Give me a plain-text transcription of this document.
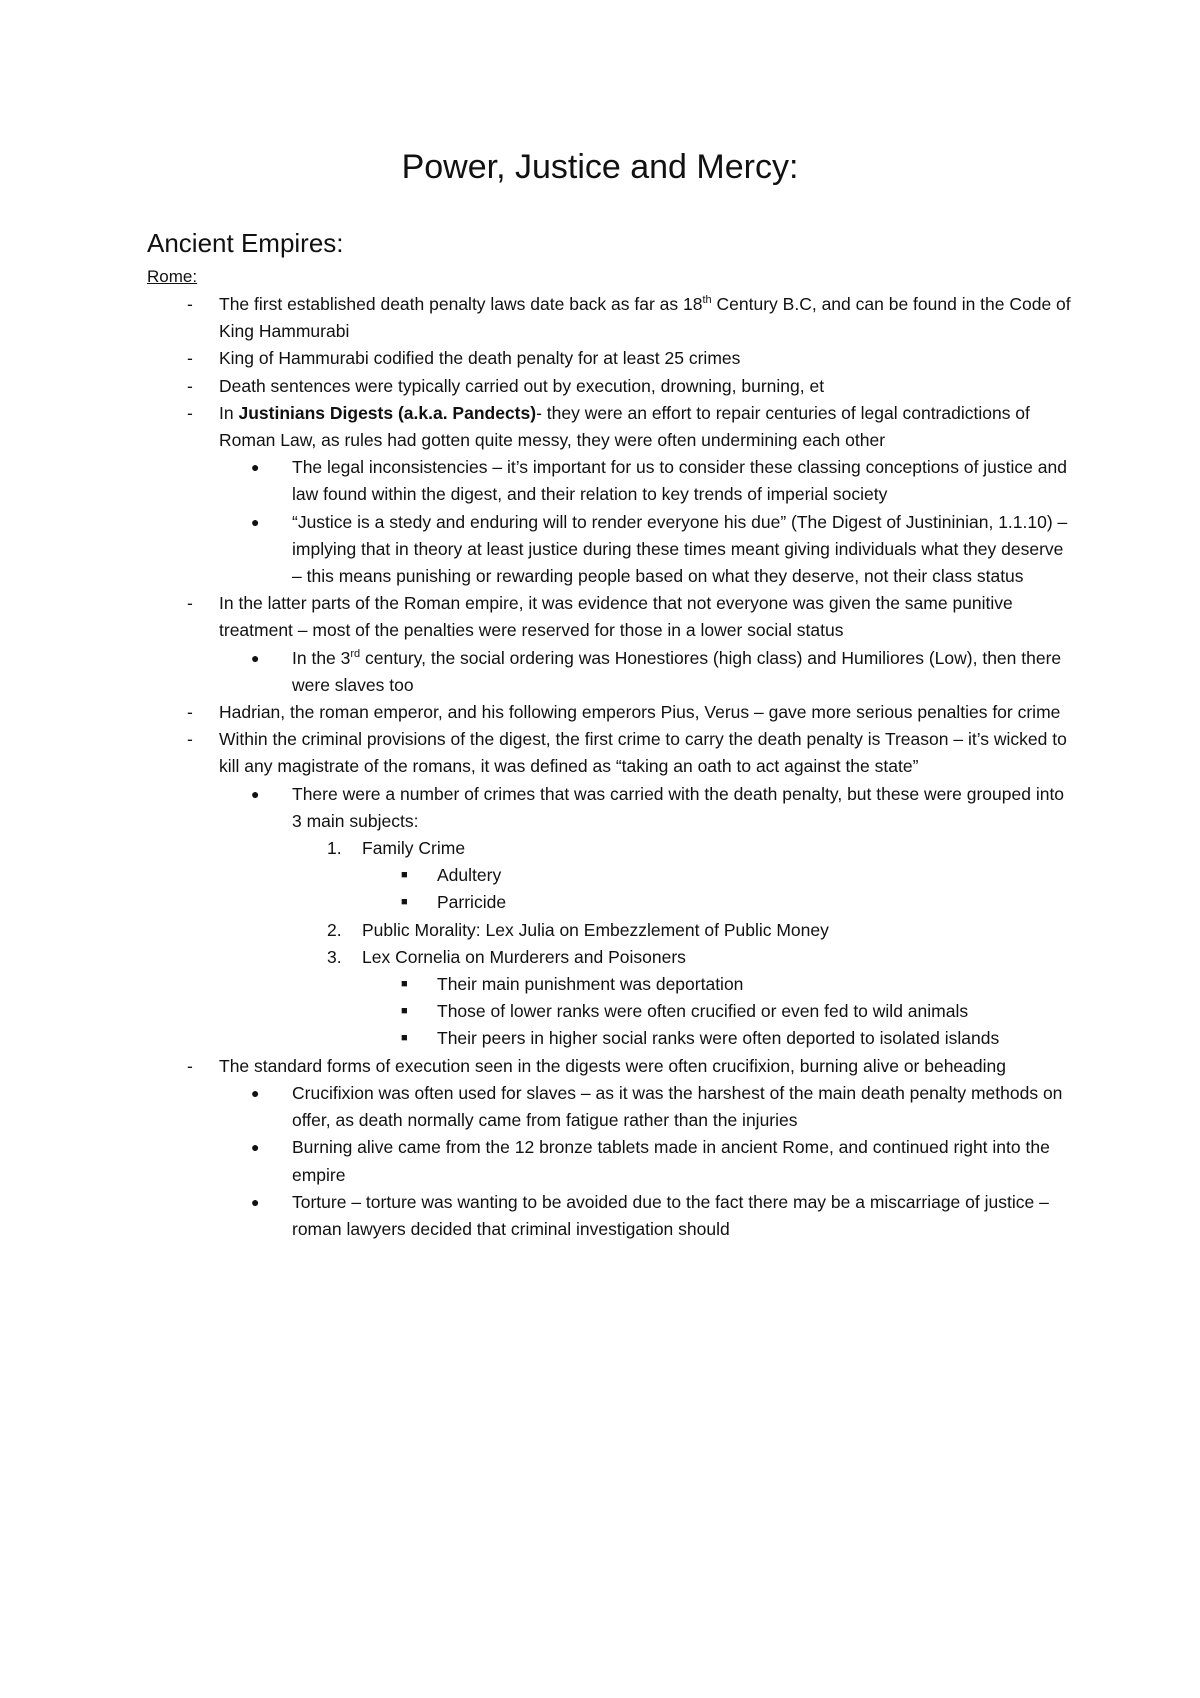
Power, Justice and Mercy:
Ancient Empires:
Rome:
- The first established death penalty laws date back as far as 18th Century B.C, and can be found in the Code of King Hammurabi
- King of Hammurabi codified the death penalty for at least 25 crimes
- Death sentences were typically carried out by execution, drowning, burning, et
- In Justinians Digests (a.k.a. Pandects)- they were an effort to repair centuries of legal contradictions of Roman Law, as rules had gotten quite messy, they were often undermining each other
● The legal inconsistencies – it’s important for us to consider these classing conceptions of justice and law found within the digest, and their relation to key trends of imperial society
● “Justice is a stedy and enduring will to render everyone his due” (The Digest of Justininian, 1.1.10) – implying that in theory at least justice during these times meant giving individuals what they deserve – this means punishing or rewarding people based on what they deserve, not their class status
- In the latter parts of the Roman empire, it was evidence that not everyone was given the same punitive treatment – most of the penalties were reserved for those in a lower social status
● In the 3rd century, the social ordering was Honestiores (high class) and Humiliores (Low), then there were slaves too
- Hadrian, the roman emperor, and his following emperors Pius, Verus – gave more serious penalties for crime
- Within the criminal provisions of the digest, the first crime to carry the death penalty is Treason – it’s wicked to kill any magistrate of the romans, it was defined as “taking an oath to act against the state”
● There were a number of crimes that was carried with the death penalty, but these were grouped into 3 main subjects:
1. Family Crime
■ Adultery
■ Parricide
2. Public Morality: Lex Julia on Embezzlement of Public Money
3. Lex Cornelia on Murderers and Poisoners
■ Their main punishment was deportation
■ Those of lower ranks were often crucified or even fed to wild animals
■ Their peers in higher social ranks were often deported to isolated islands
- The standard forms of execution seen in the digests were often crucifixion, burning alive or beheading
● Crucifixion was often used for slaves – as it was the harshest of the main death penalty methods on offer, as death normally came from fatigue rather than the injuries
● Burning alive came from the 12 bronze tablets made in ancient Rome, and continued right into the empire
● Torture – torture was wanting to be avoided due to the fact there may be a miscarriage of justice – roman lawyers decided that criminal investigation should
